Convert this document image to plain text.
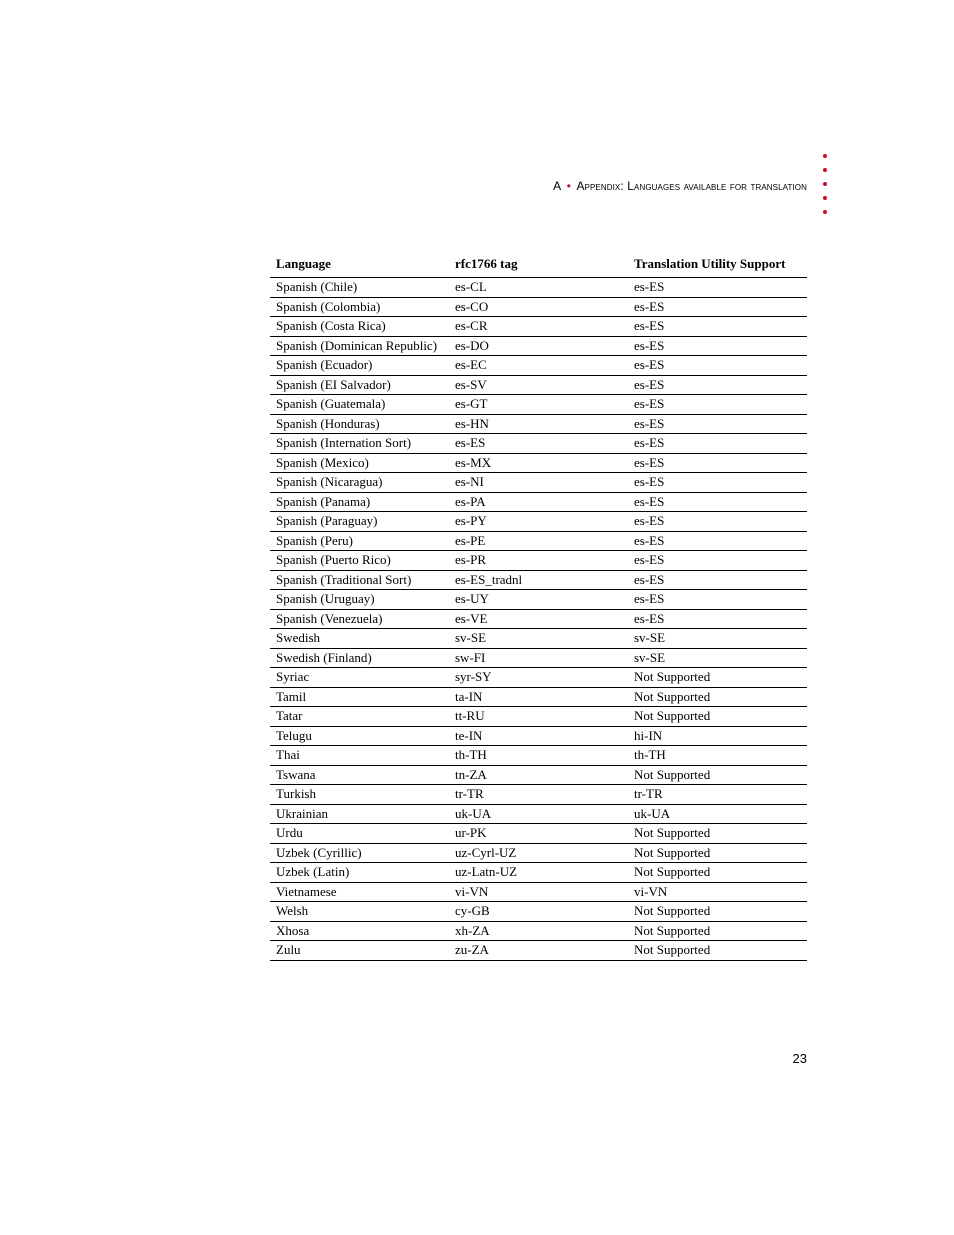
A • Appendix: Languages available for translation
Language	rfc1766 tag	Translation Utility Support
Spanish (Chile)	es-CL	es-ES
Spanish (Colombia)	es-CO	es-ES
Spanish (Costa Rica)	es-CR	es-ES
Spanish (Dominican Republic)	es-DO	es-ES
Spanish (Ecuador)	es-EC	es-ES
Spanish (EI Salvador)	es-SV	es-ES
Spanish (Guatemala)	es-GT	es-ES
Spanish (Honduras)	es-HN	es-ES
Spanish (Internation Sort)	es-ES	es-ES
Spanish (Mexico)	es-MX	es-ES
Spanish (Nicaragua)	es-NI	es-ES
Spanish (Panama)	es-PA	es-ES
Spanish (Paraguay)	es-PY	es-ES
Spanish (Peru)	es-PE	es-ES
Spanish (Puerto Rico)	es-PR	es-ES
Spanish (Traditional Sort)	es-ES_tradnl	es-ES
Spanish (Uruguay)	es-UY	es-ES
Spanish (Venezuela)	es-VE	es-ES
Swedish	sv-SE	sv-SE
Swedish (Finland)	sw-FI	sv-SE
Syriac	syr-SY	Not Supported
Tamil	ta-IN	Not Supported
Tatar	tt-RU	Not Supported
Telugu	te-IN	hi-IN
Thai	th-TH	th-TH
Tswana	tn-ZA	Not Supported
Turkish	tr-TR	tr-TR
Ukrainian	uk-UA	uk-UA
Urdu	ur-PK	Not Supported
Uzbek (Cyrillic)	uz-Cyrl-UZ	Not Supported
Uzbek (Latin)	uz-Latn-UZ	Not Supported
Vietnamese	vi-VN	vi-VN
Welsh	cy-GB	Not Supported
Xhosa	xh-ZA	Not Supported
Zulu	zu-ZA	Not Supported
23
